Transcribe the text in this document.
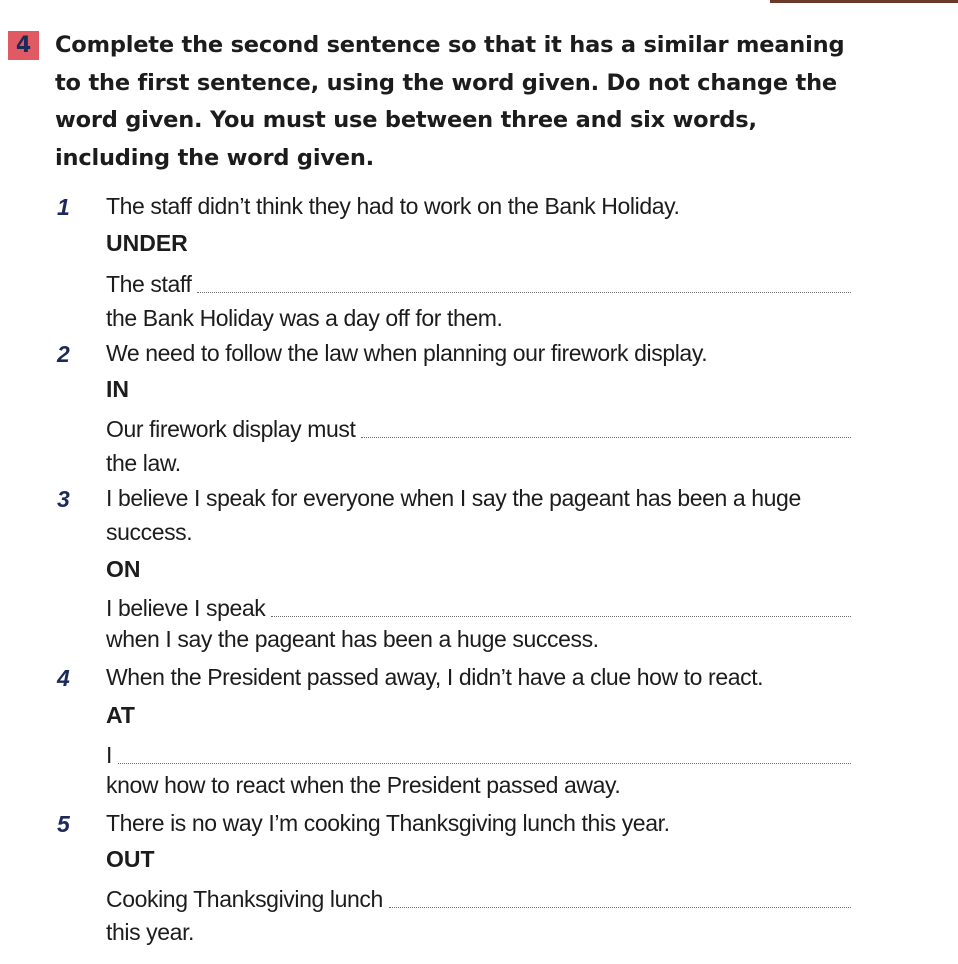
4	Complete the second sentence so that it has a similar meaning to the first sentence, using the word given. Do not change the word given. You must use between three and six words, including the word given.
1	The staff didn’t think they had to work on the Bank Holiday.
UNDER
The staff
the Bank Holiday was a day off for them.
2	We need to follow the law when planning our firework display.
IN
Our firework display must
the law.
3	I believe I speak for everyone when I say the pageant has been a huge success.
ON
I believe I speak
when I say the pageant has been a huge success.
4	When the President passed away, I didn’t have a clue how to react.
AT
I
know how to react when the President passed away.
5	There is no way I’m cooking Thanksgiving lunch this year.
OUT
Cooking Thanksgiving lunch
this year.
